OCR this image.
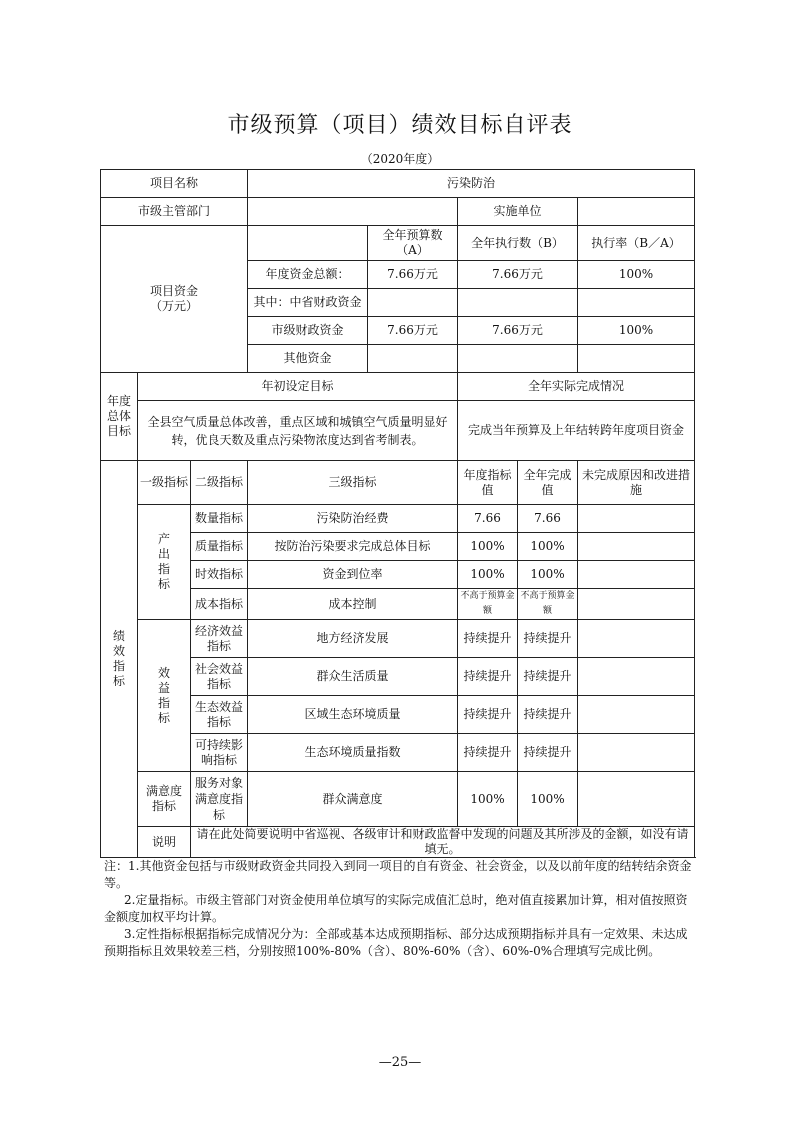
市级预算（项目）绩效目标自评表
（2020年度）
项目名称			污染防治				
市级主管部门					实施单位		
项目资金
（万元）				全年预算数（A）	全年执行数（B）		执行率（B／A）
			年度资金总额：	7.66万元	7.66万元		100%
			其中：中省财政资金				
			市级财政资金	7.66万元	7.66万元		100%
			其他资金				
年度总体目标	年初设定目标				全年实际完成情况		
	全县空气质量总体改善，重点区域和城镇空气质量明显好转，优良天数及重点污染物浓度达到省考制表。				完成当年预算及上年结转跨年度项目资金		
绩效指标	一级指标	二级指标	三级指标		年度指标值	全年完成值	未完成原因和改进措施
	产出指标	数量指标	污染防治经费		7.66	7.66	
		质量指标	按防治污染要求完成总体目标		100%	100%	
		时效指标	资金到位率		100%	100%	
		成本指标	成本控制		不高于预算金额	不高于预算金额	
	效益指标	经济效益指标	地方经济发展		持续提升	持续提升	
		社会效益指标	群众生活质量		持续提升	持续提升	
		生态效益指标	区域生态环境质量		持续提升	持续提升	
		可持续影响指标	生态环境质量指数		持续提升	持续提升	
	满意度指标	服务对象满意度指标	群众满意度		100%	100%	
	说明	请在此处简要说明中省巡视、各级审计和财政监督中发现的问题及其所涉及的金额，如没有请填无。					

注：1.其他资金包括与市级财政资金共同投入到同一项目的自有资金、社会资金，以及以前年度的结转结余资金等。

2.定量指标。市级主管部门对资金使用单位填写的实际完成值汇总时，绝对值直接累加计算，相对值按照资金额度加权平均计算。

3.定性指标根据指标完成情况分为：全部或基本达成预期指标、部分达成预期指标并具有一定效果、未达成预期指标且效果较差三档，分别按照100%-80%（含）、80%-60%（含）、60%-0%合理填写完成比例。

—25—
